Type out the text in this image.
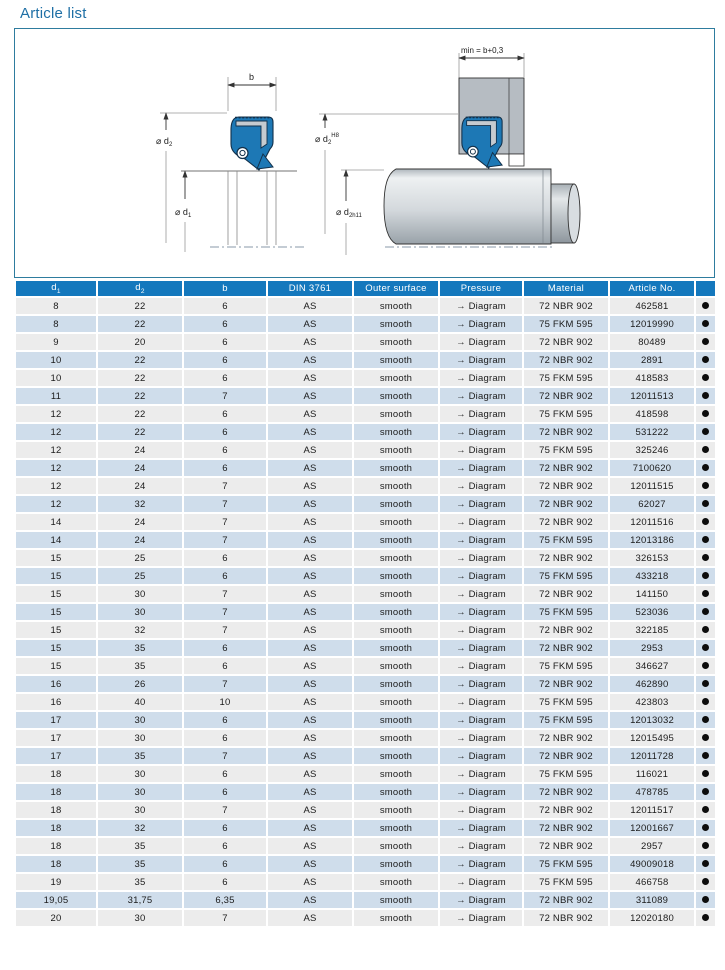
Article list
b
⌀ $d_2$
⌀ $d_1$
min = b+0,3
⌀ $d_2^{H8}$
⌀ $d_2h11$
$d_1$	$d_2$	b	DIN 3761	Outer surface	Pressure	Material	Article No.	
8	22	6	AS	smooth	→ Diagram	72 NBR 902	462581	
8	22	6	AS	smooth	→ Diagram	75 FKM 595	12019990	
9	20	6	AS	smooth	→ Diagram	72 NBR 902	80489	
10	22	6	AS	smooth	→ Diagram	72 NBR 902	2891	
10	22	6	AS	smooth	→ Diagram	75 FKM 595	418583	
11	22	7	AS	smooth	→ Diagram	72 NBR 902	12011513	
12	22	6	AS	smooth	→ Diagram	75 FKM 595	418598	
12	22	6	AS	smooth	→ Diagram	72 NBR 902	531222	
12	24	6	AS	smooth	→ Diagram	75 FKM 595	325246	
12	24	6	AS	smooth	→ Diagram	72 NBR 902	7100620	
12	24	7	AS	smooth	→ Diagram	72 NBR 902	12011515	
12	32	7	AS	smooth	→ Diagram	72 NBR 902	62027	
14	24	7	AS	smooth	→ Diagram	72 NBR 902	12011516	
14	24	7	AS	smooth	→ Diagram	75 FKM 595	12013186	
15	25	6	AS	smooth	→ Diagram	72 NBR 902	326153	
15	25	6	AS	smooth	→ Diagram	75 FKM 595	433218	
15	30	7	AS	smooth	→ Diagram	72 NBR 902	141150	
15	30	7	AS	smooth	→ Diagram	75 FKM 595	523036	
15	32	7	AS	smooth	→ Diagram	72 NBR 902	322185	
15	35	6	AS	smooth	→ Diagram	72 NBR 902	2953	
15	35	6	AS	smooth	→ Diagram	75 FKM 595	346627	
16	26	7	AS	smooth	→ Diagram	72 NBR 902	462890	
16	40	10	AS	smooth	→ Diagram	75 FKM 595	423803	
17	30	6	AS	smooth	→ Diagram	75 FKM 595	12013032	
17	30	6	AS	smooth	→ Diagram	72 NBR 902	12015495	
17	35	7	AS	smooth	→ Diagram	72 NBR 902	12011728	
18	30	6	AS	smooth	→ Diagram	75 FKM 595	116021	
18	30	6	AS	smooth	→ Diagram	72 NBR 902	478785	
18	30	7	AS	smooth	→ Diagram	72 NBR 902	12011517	
18	32	6	AS	smooth	→ Diagram	72 NBR 902	12001667	
18	35	6	AS	smooth	→ Diagram	72 NBR 902	2957	
18	35	6	AS	smooth	→ Diagram	75 FKM 595	49009018	
19	35	6	AS	smooth	→ Diagram	75 FKM 595	466758	
19,05	31,75	6,35	AS	smooth	→ Diagram	72 NBR 902	311089	
20	30	7	AS	smooth	→ Diagram	72 NBR 902	12020180	
